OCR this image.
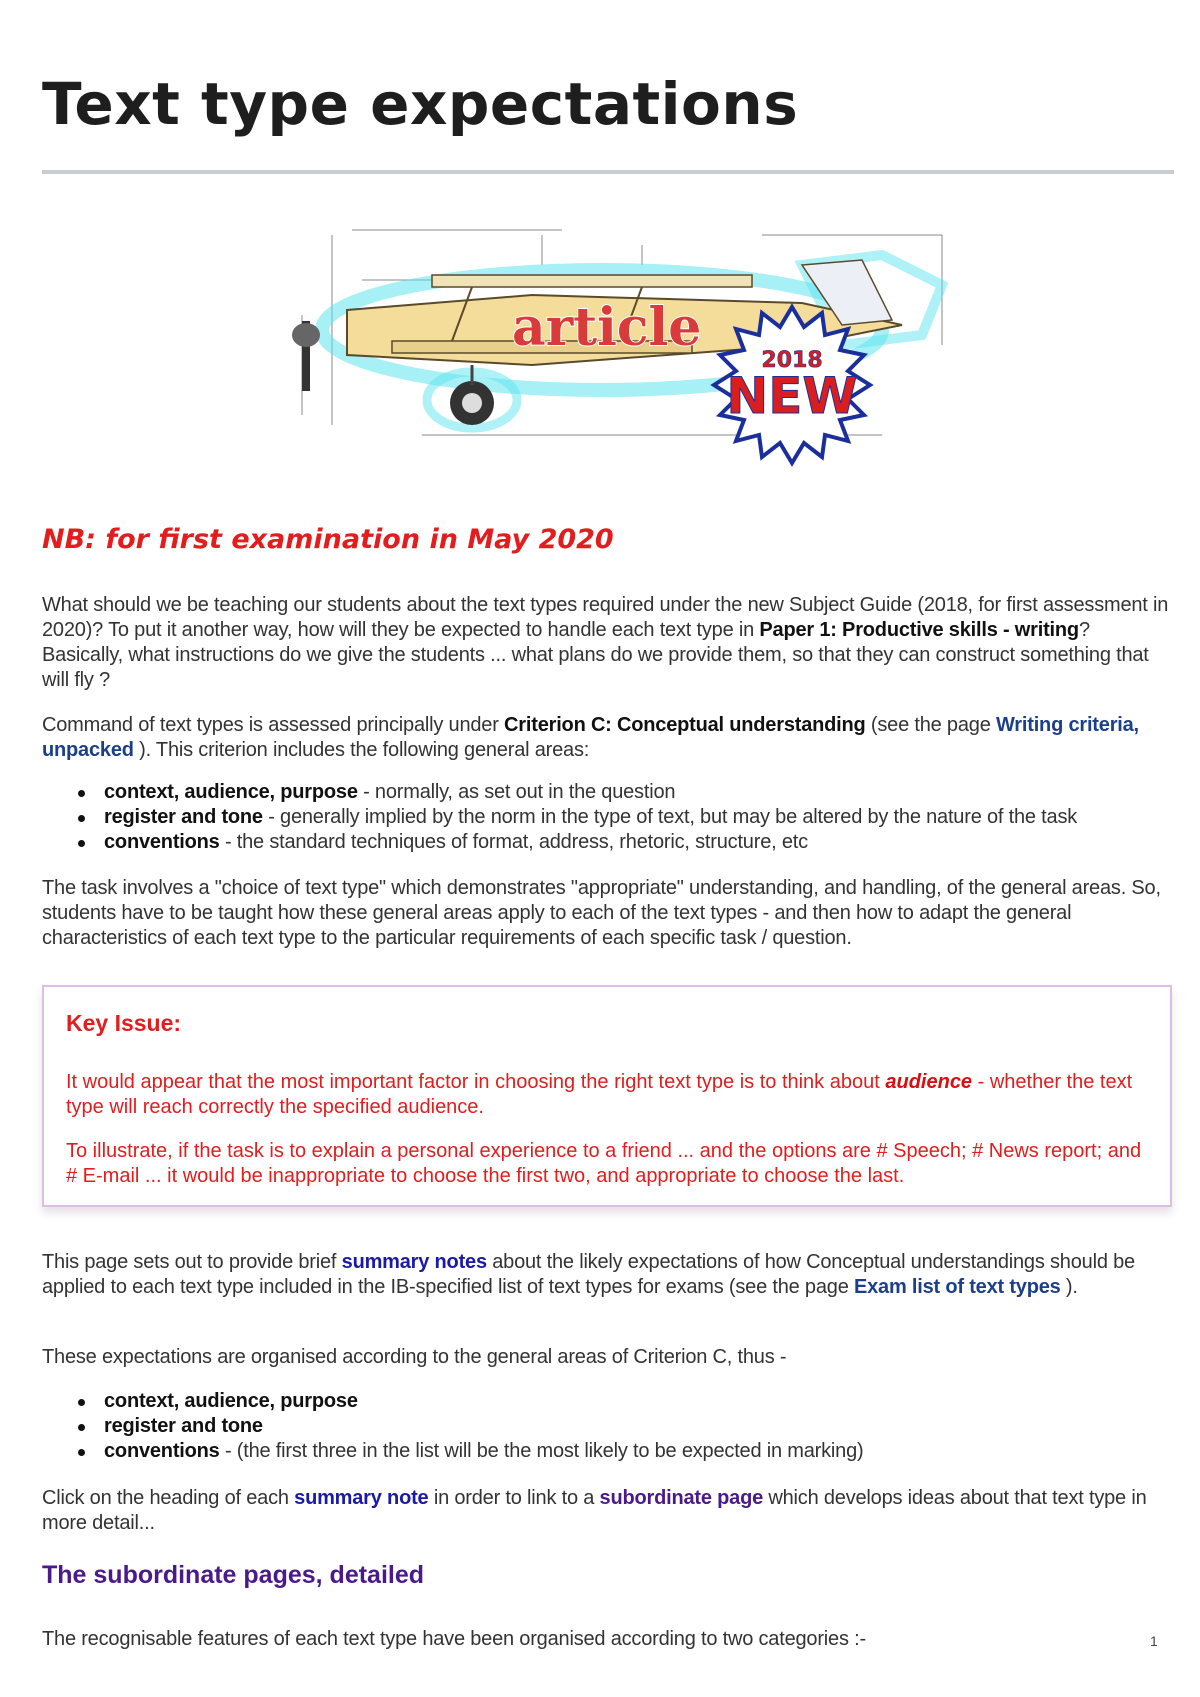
Text type expectations
article
2018
NEW
NB: for first examination in May 2020

What should we be teaching our students about the text types required under the new Subject Guide (2018, for first assessment in 2020)? To put it another way, how will they be expected to handle each text type in Paper 1: Productive skills - writing? Basically, what instructions do we give the students ... what plans do we provide them, so that they can construct something that will fly ?

Command of text types is assessed principally under Criterion C: Conceptual understanding (see the page Writing criteria, unpacked ). This criterion includes the following general areas:

context, audience, purpose - normally, as set out in the question
register and tone - generally implied by the norm in the type of text, but may be altered by the nature of the task
conventions - the standard techniques of format, address, rhetoric, structure, etc

The task involves a "choice of text type" which demonstrates "appropriate" understanding, and handling, of the general areas. So, students have to be taught how these general areas apply to each of the text types - and then how to adapt the general characteristics of each text type to the particular requirements of each specific task / question.

Key Issue:
It would appear that the most important factor in choosing the right text type is to think about audience - whether the text type will reach correctly the specified audience.
To illustrate, if the task is to explain a personal experience to a friend ... and the options are # Speech; # News report; and # E-mail ... it would be inappropriate to choose the first two, and appropriate to choose the last.

This page sets out to provide brief summary notes about the likely expectations of how Conceptual understandings should be applied to each text type included in the IB-specified list of text types for exams (see the page Exam list of text types ).

These expectations are organised according to the general areas of Criterion C, thus -

context, audience, purpose
register and tone
conventions - (the first three in the list will be the most likely to be expected in marking)

Click on the heading of each summary note in order to link to a subordinate page which develops ideas about that text type in more detail...

The subordinate pages, detailed

The recognisable features of each text type have been organised according to two categories :-	1
